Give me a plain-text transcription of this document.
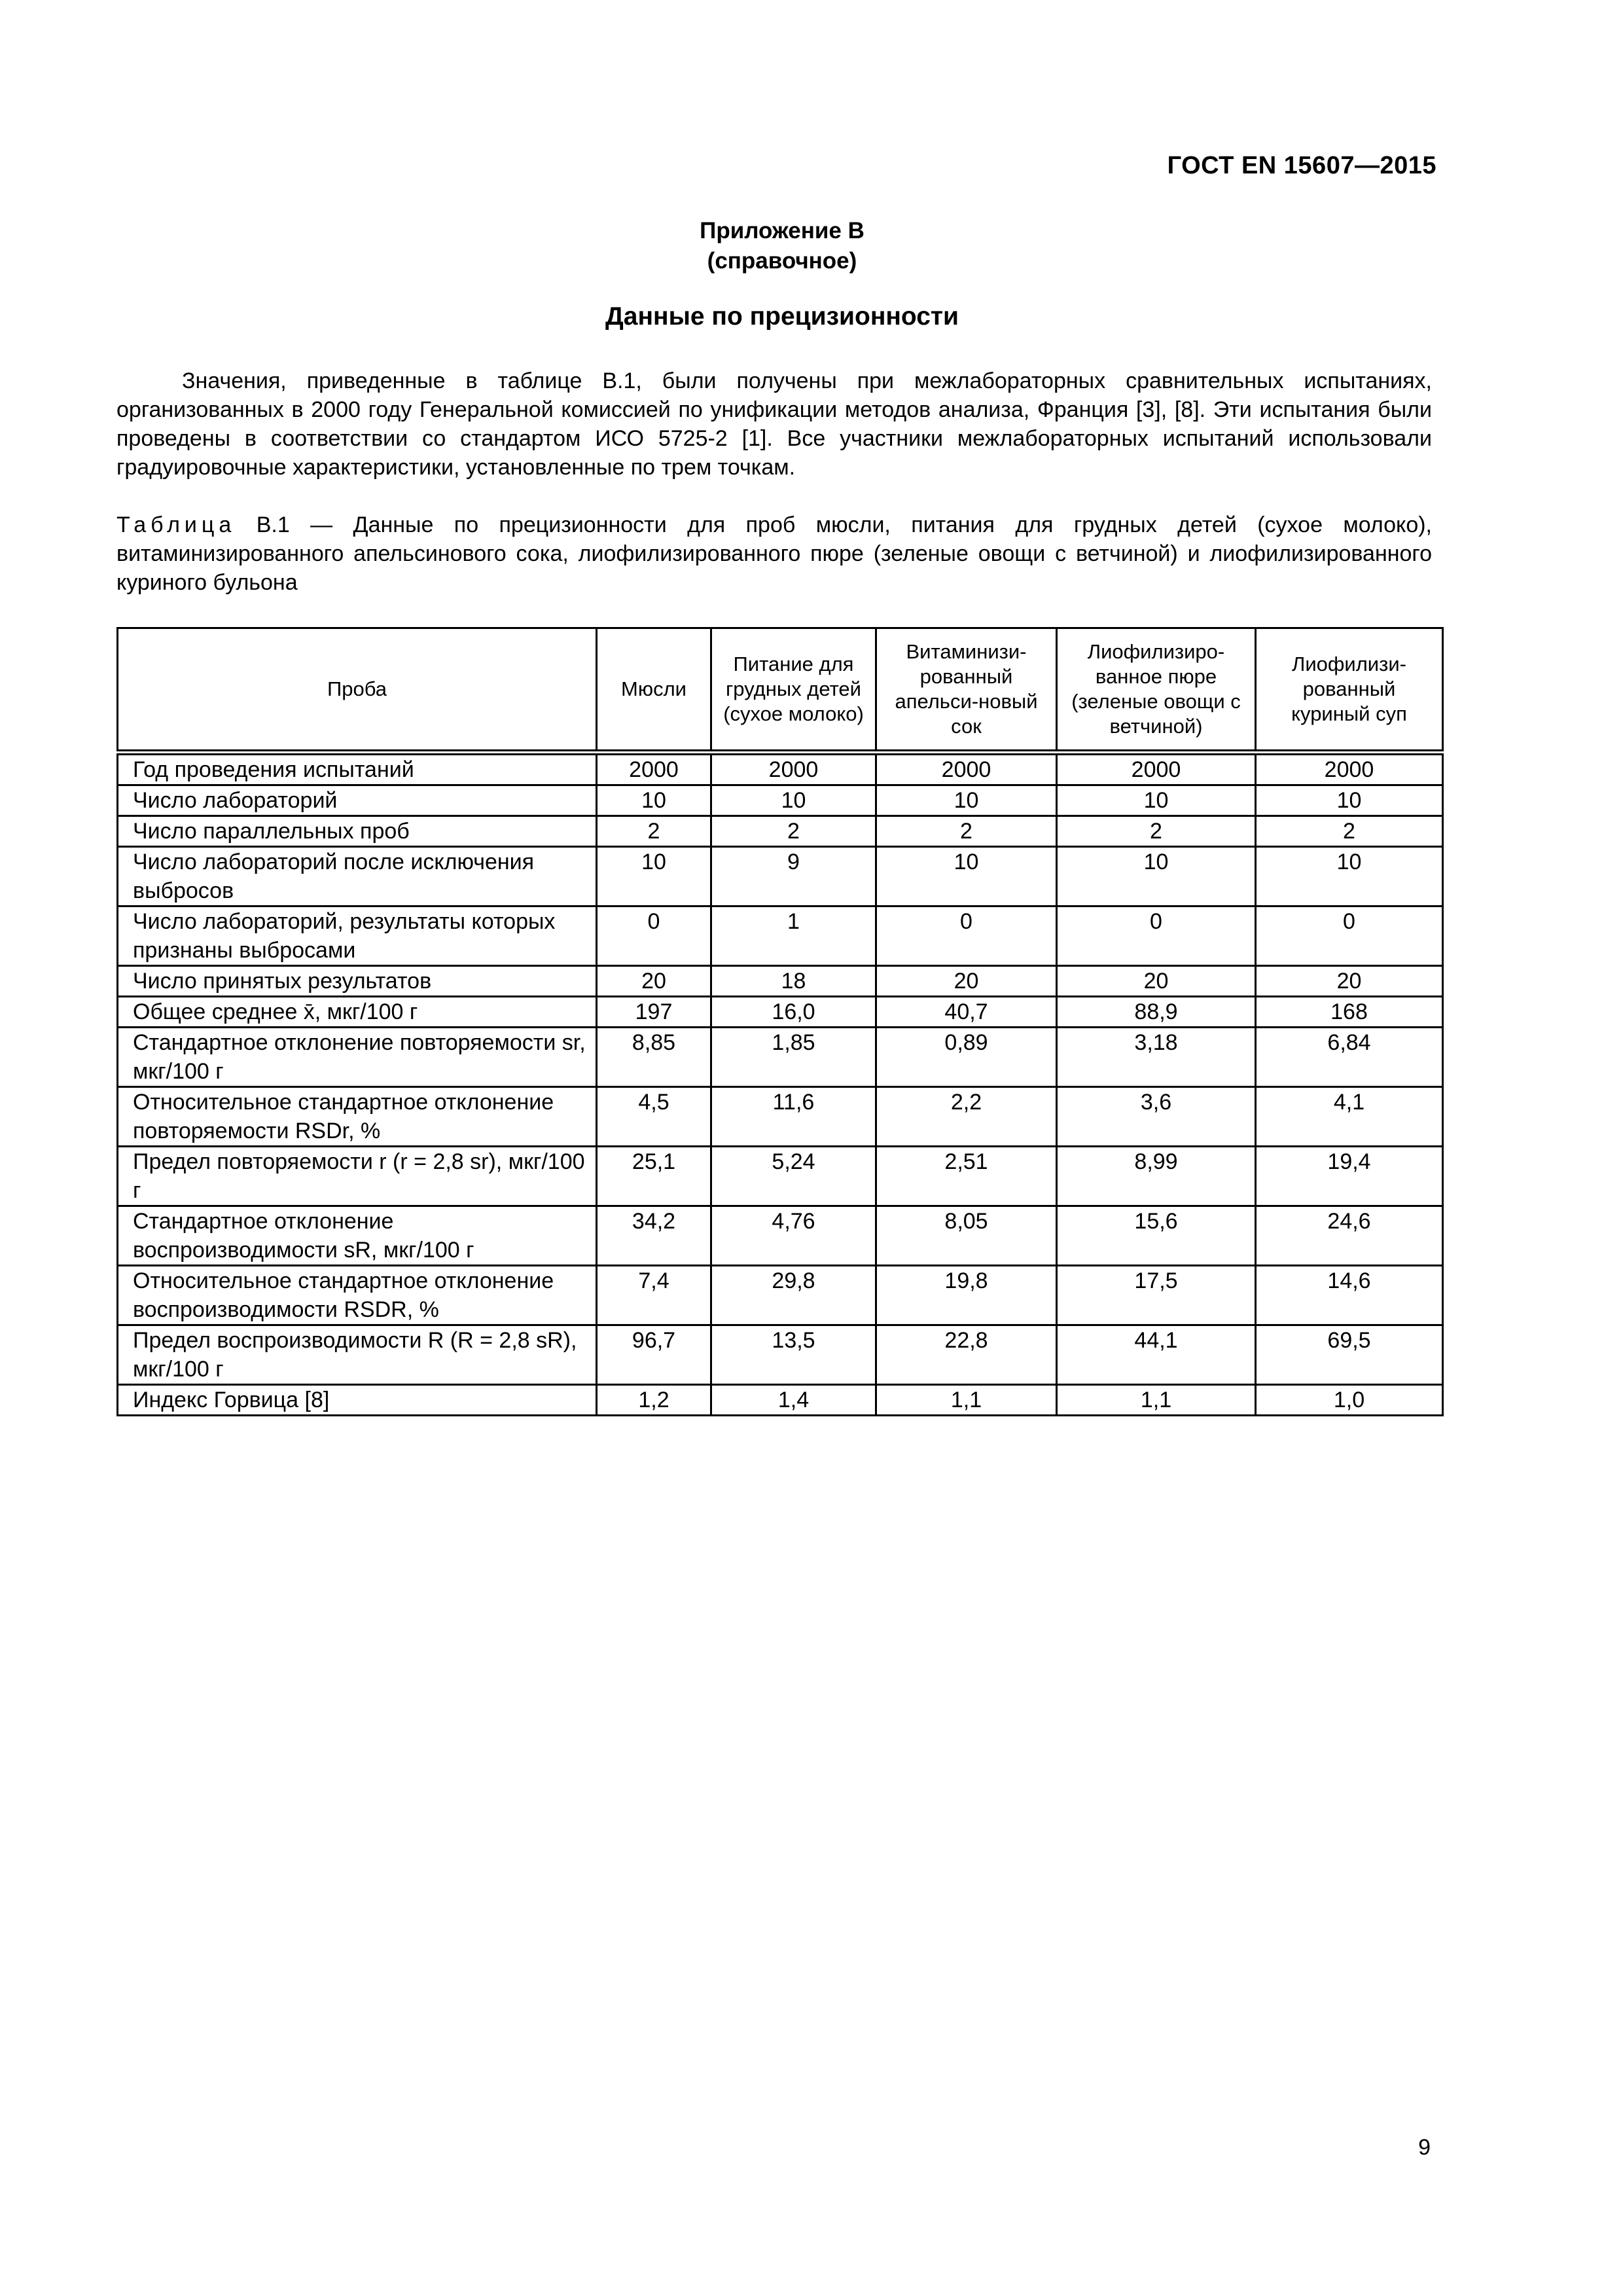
ГОСТ EN 15607—2015
Приложение В
(справочное)
Данные по прецизионности

Значения, приведенные в таблице В.1, были получены при межлабораторных сравнительных испытаниях, организованных в 2000 году Генеральной комиссией по унификации методов анализа, Франция [3], [8]. Эти испытания были проведены в соответствии со стандартом ИСО 5725-2 [1]. Все участники межлабораторных испытаний использовали градуировочные характеристики, установленные по трем точкам.

Таблица В.1 — Данные по прецизионности для проб мюсли, питания для грудных детей (сухое молоко), витаминизированного апельсинового сока, лиофилизированного пюре (зеленые овощи с ветчиной) и лиофилизированного куриного бульона

Проба	Мюсли	Питание для грудных детей (сухое молоко)	Витаминизи-рованный апельси-новый сок	Лиофилизиро-ванное пюре (зеленые овощи с ветчиной)	Лиофилизи-рованный куриный суп
Год проведения испытаний	2000	2000	2000	2000	2000
Число лабораторий	10	10	10	10	10
Число параллельных проб	2	2	2	2	2
Число лабораторий после исключения выбросов	10	9	10	10	10
Число лабораторий, результаты которых признаны выбросами	0	1	0	0	0
Число принятых результатов	20	18	20	20	20
Общее среднее x̄, мкг/100 г	197	16,0	40,7	88,9	168
Стандартное отклонение повторяемости sr, мкг/100 г	8,85	1,85	0,89	3,18	6,84
Относительное стандартное отклонение повторяемости RSDr, %	4,5	11,6	2,2	3,6	4,1
Предел повторяемости r (r = 2,8 sr), мкг/100 г	25,1	5,24	2,51	8,99	19,4
Стандартное отклонение воспроизводимости sR, мкг/100 г	34,2	4,76	8,05	15,6	24,6
Относительное стандартное отклонение воспроизводимости RSDR, %	7,4	29,8	19,8	17,5	14,6
Предел воспроизводимости R (R = 2,8 sR), мкг/100 г	96,7	13,5	22,8	44,1	69,5
Индекс Горвица [8]	1,2	1,4	1,1	1,1	1,0
9
